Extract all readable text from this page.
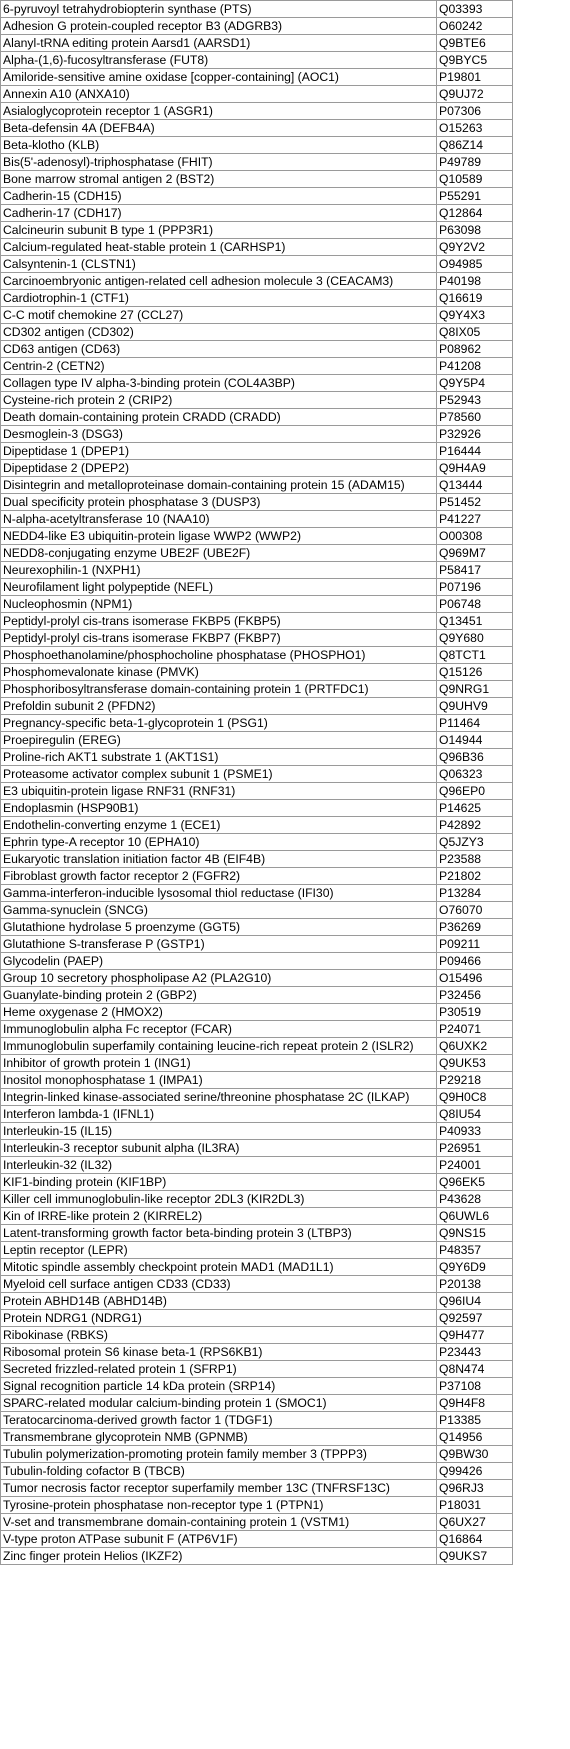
6-pyruvoyl tetrahydrobiopterin synthase (PTS)	Q03393
Adhesion G protein-coupled receptor B3 (ADGRB3)	O60242
Alanyl-tRNA editing protein Aarsd1 (AARSD1)	Q9BTE6
Alpha-(1,6)-fucosyltransferase (FUT8)	Q9BYC5
Amiloride-sensitive amine oxidase [copper-containing] (AOC1)	P19801
Annexin A10 (ANXA10)	Q9UJ72
Asialoglycoprotein receptor 1 (ASGR1)	P07306
Beta-defensin 4A (DEFB4A)	O15263
Beta-klotho (KLB)	Q86Z14
Bis(5'-adenosyl)-triphosphatase (FHIT)	P49789
Bone marrow stromal antigen 2 (BST2)	Q10589
Cadherin-15 (CDH15)	P55291
Cadherin-17 (CDH17)	Q12864
Calcineurin subunit B type 1 (PPP3R1)	P63098
Calcium-regulated heat-stable protein 1 (CARHSP1)	Q9Y2V2
Calsyntenin-1 (CLSTN1)	O94985
Carcinoembryonic antigen-related cell adhesion molecule 3 (CEACAM3)	P40198
Cardiotrophin-1 (CTF1)	Q16619
C-C motif chemokine 27 (CCL27)	Q9Y4X3
CD302 antigen (CD302)	Q8IX05
CD63 antigen (CD63)	P08962
Centrin-2 (CETN2)	P41208
Collagen type IV alpha-3-binding protein (COL4A3BP)	Q9Y5P4
Cysteine-rich protein 2 (CRIP2)	P52943
Death domain-containing protein CRADD (CRADD)	P78560
Desmoglein-3 (DSG3)	P32926
Dipeptidase 1 (DPEP1)	P16444
Dipeptidase 2 (DPEP2)	Q9H4A9
Disintegrin and metalloproteinase domain-containing protein 15 (ADAM15)	Q13444
Dual specificity protein phosphatase 3 (DUSP3)	P51452
N-alpha-acetyltransferase 10 (NAA10)	P41227
NEDD4-like E3 ubiquitin-protein ligase WWP2 (WWP2)	O00308
NEDD8-conjugating enzyme UBE2F (UBE2F)	Q969M7
Neurexophilin-1 (NXPH1)	P58417
Neurofilament light polypeptide (NEFL)	P07196
Nucleophosmin (NPM1)	P06748
Peptidyl-prolyl cis-trans isomerase FKBP5 (FKBP5)	Q13451
Peptidyl-prolyl cis-trans isomerase FKBP7 (FKBP7)	Q9Y680
Phosphoethanolamine/phosphocholine phosphatase (PHOSPHO1)	Q8TCT1
Phosphomevalonate kinase (PMVK)	Q15126
Phosphoribosyltransferase domain-containing protein 1 (PRTFDC1)	Q9NRG1
Prefoldin subunit 2 (PFDN2)	Q9UHV9
Pregnancy-specific beta-1-glycoprotein 1 (PSG1)	P11464
Proepiregulin (EREG)	O14944
Proline-rich AKT1 substrate 1 (AKT1S1)	Q96B36
Proteasome activator complex subunit 1 (PSME1)	Q06323
E3 ubiquitin-protein ligase RNF31 (RNF31)	Q96EP0
Endoplasmin (HSP90B1)	P14625
Endothelin-converting enzyme 1 (ECE1)	P42892
Ephrin type-A receptor 10 (EPHA10)	Q5JZY3
Eukaryotic translation initiation factor 4B (EIF4B)	P23588
Fibroblast growth factor receptor 2 (FGFR2)	P21802
Gamma-interferon-inducible lysosomal thiol reductase (IFI30)	P13284
Gamma-synuclein (SNCG)	O76070
Glutathione hydrolase 5 proenzyme (GGT5)	P36269
Glutathione S-transferase P (GSTP1)	P09211
Glycodelin (PAEP)	P09466
Group 10 secretory phospholipase A2 (PLA2G10)	O15496
Guanylate-binding protein 2 (GBP2)	P32456
Heme oxygenase 2 (HMOX2)	P30519
Immunoglobulin alpha Fc receptor (FCAR)	P24071
Immunoglobulin superfamily containing leucine-rich repeat protein 2 (ISLR2)	Q6UXK2
Inhibitor of growth protein 1 (ING1)	Q9UK53
Inositol monophosphatase 1 (IMPA1)	P29218
Integrin-linked kinase-associated serine/threonine phosphatase 2C (ILKAP)	Q9H0C8
Interferon lambda-1 (IFNL1)	Q8IU54
Interleukin-15 (IL15)	P40933
Interleukin-3 receptor subunit alpha (IL3RA)	P26951
Interleukin-32 (IL32)	P24001
KIF1-binding protein (KIF1BP)	Q96EK5
Killer cell immunoglobulin-like receptor 2DL3 (KIR2DL3)	P43628
Kin of IRRE-like protein 2 (KIRREL2)	Q6UWL6
Latent-transforming growth factor beta-binding protein 3 (LTBP3)	Q9NS15
Leptin receptor (LEPR)	P48357
Mitotic spindle assembly checkpoint protein MAD1 (MAD1L1)	Q9Y6D9
Myeloid cell surface antigen CD33 (CD33)	P20138
Protein ABHD14B (ABHD14B)	Q96IU4
Protein NDRG1 (NDRG1)	Q92597
Ribokinase (RBKS)	Q9H477
Ribosomal protein S6 kinase beta-1 (RPS6KB1)	P23443
Secreted frizzled-related protein 1 (SFRP1)	Q8N474
Signal recognition particle 14 kDa protein (SRP14)	P37108
SPARC-related modular calcium-binding protein 1 (SMOC1)	Q9H4F8
Teratocarcinoma-derived growth factor 1 (TDGF1)	P13385
Transmembrane glycoprotein NMB (GPNMB)	Q14956
Tubulin polymerization-promoting protein family member 3 (TPPP3)	Q9BW30
Tubulin-folding cofactor B (TBCB)	Q99426
Tumor necrosis factor receptor superfamily member 13C (TNFRSF13C)	Q96RJ3
Tyrosine-protein phosphatase non-receptor type 1 (PTPN1)	P18031
V-set and transmembrane domain-containing protein 1 (VSTM1)	Q6UX27
V-type proton ATPase subunit F (ATP6V1F)	Q16864
Zinc finger protein Helios (IKZF2)	Q9UKS7
